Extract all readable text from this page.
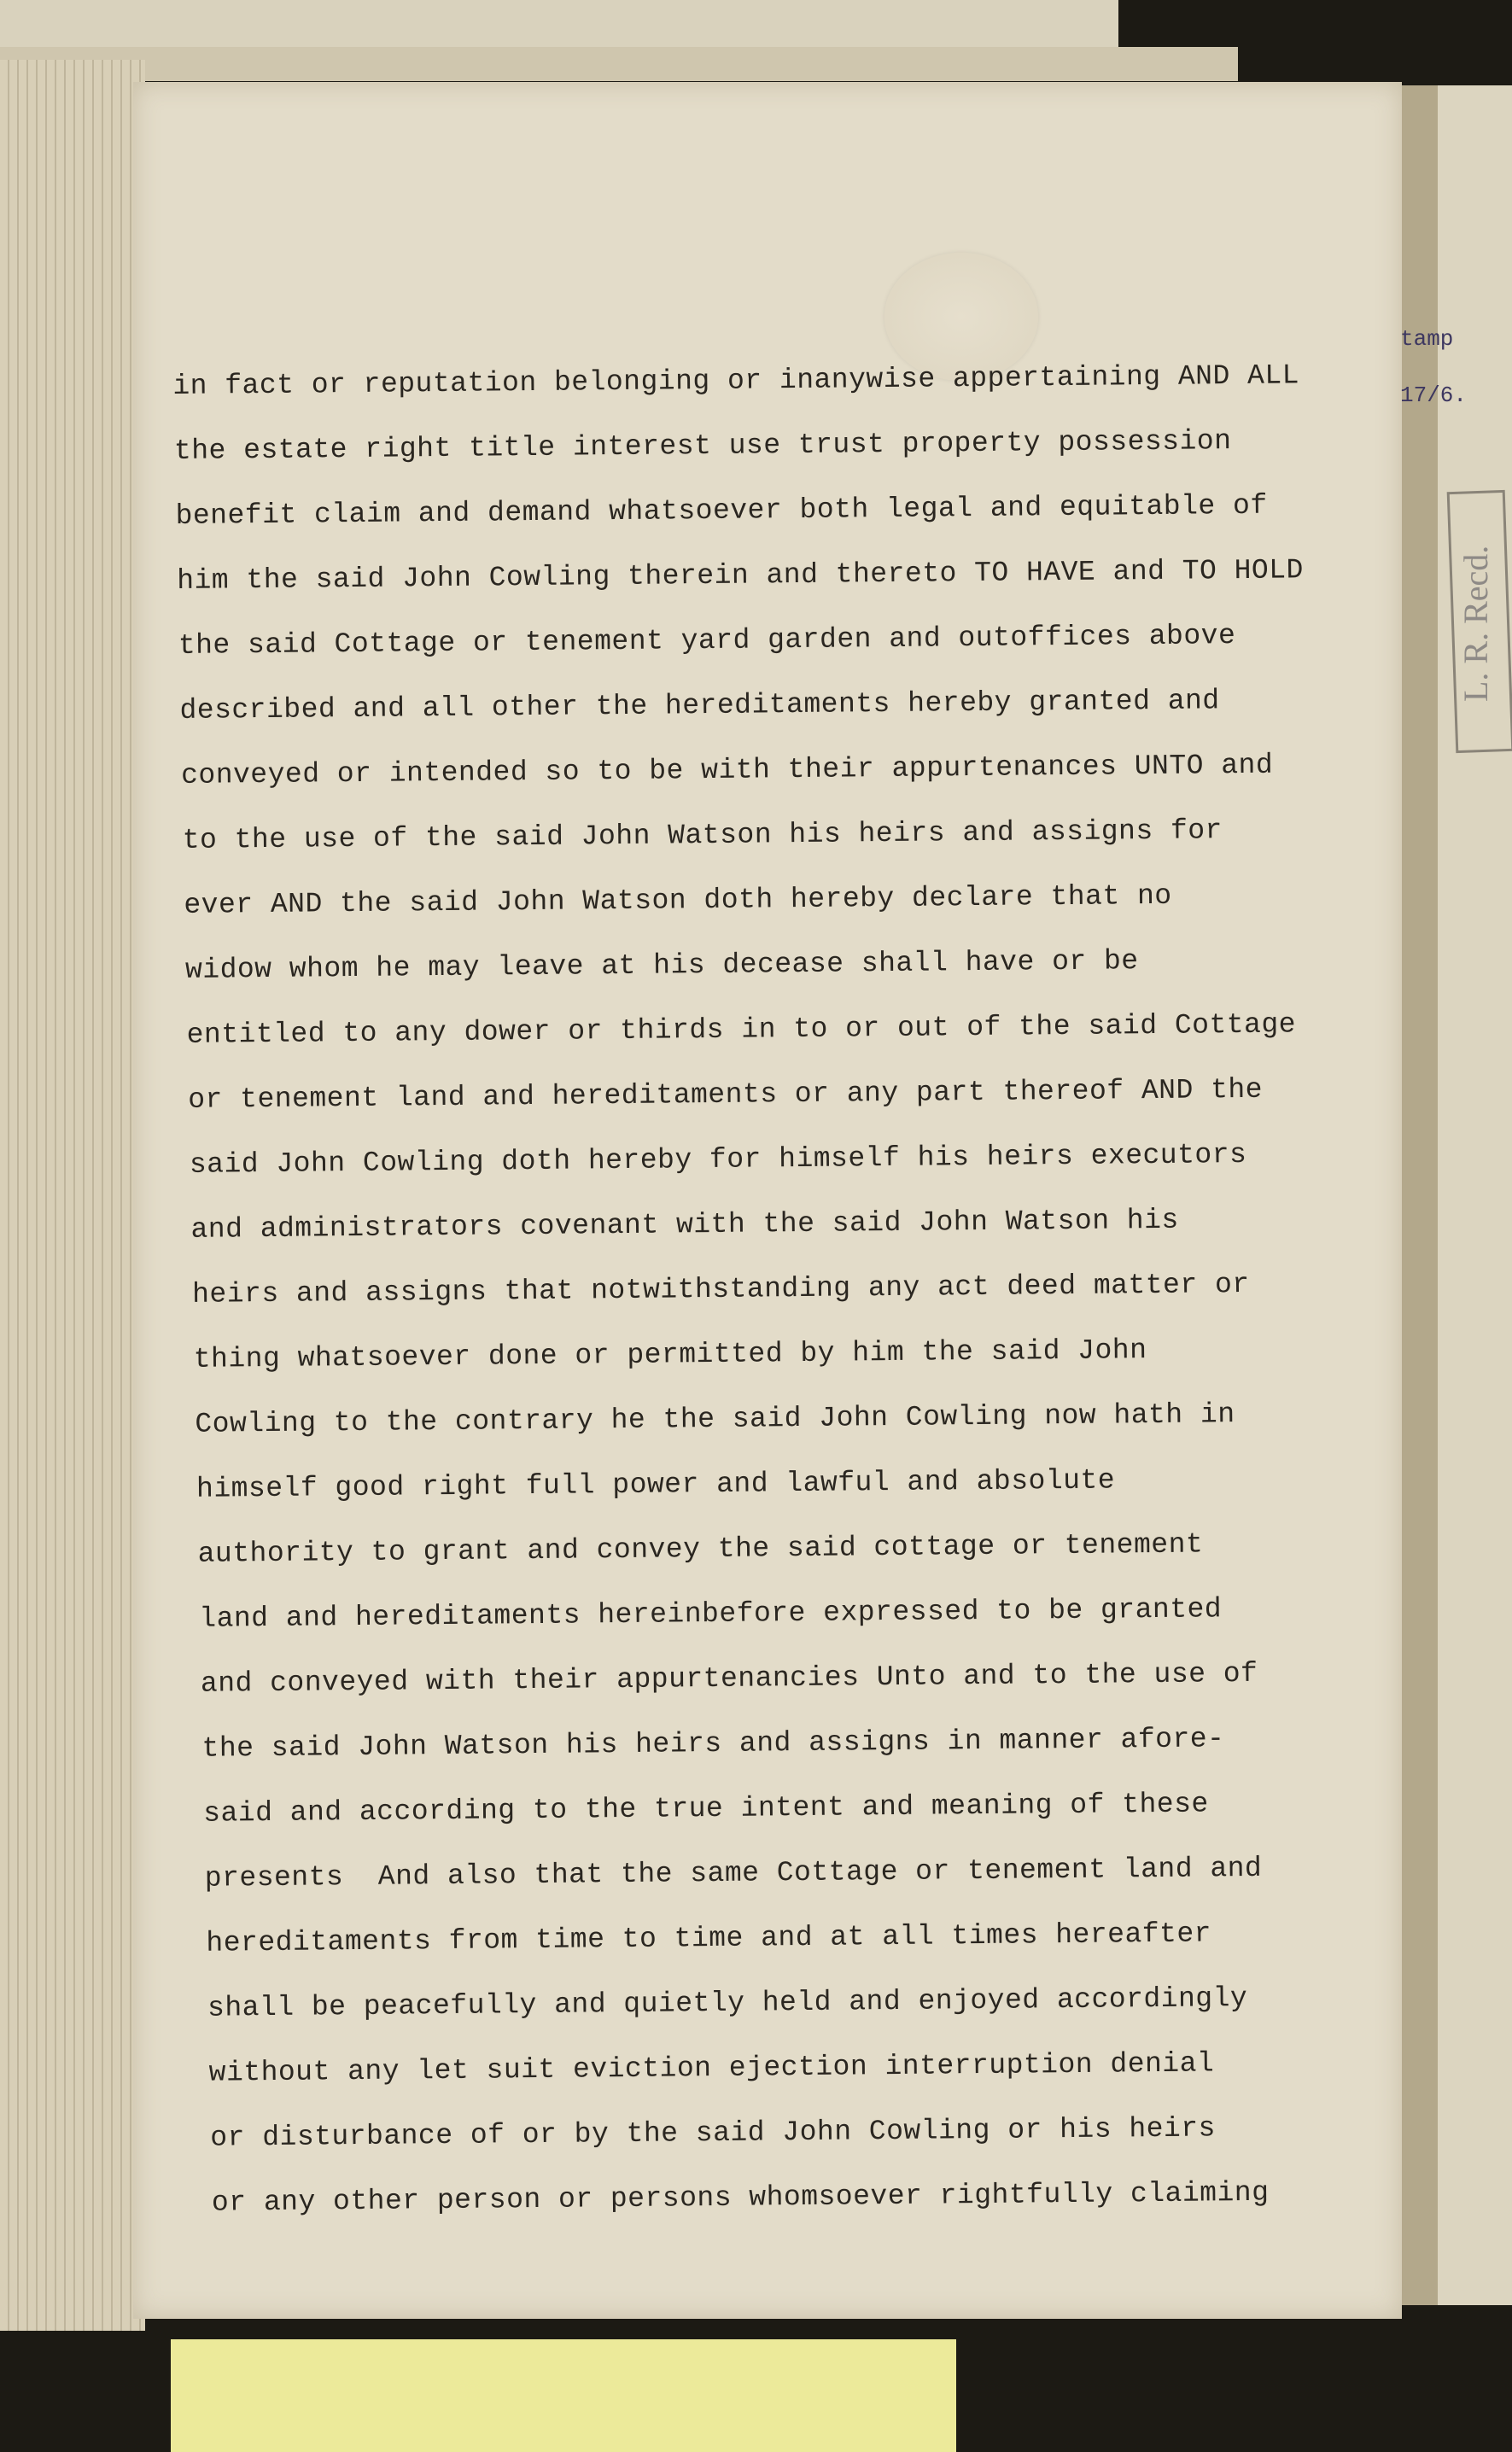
in fact or reputation belonging or inanywise appertaining AND ALL
the estate right title interest use trust property possession
benefit claim and demand whatsoever both legal and equitable of
him the said John Cowling therein and thereto TO HAVE and TO HOLD
the said Cottage or tenement yard garden and outoffices above
described and all other the hereditaments hereby granted and
conveyed or intended so to be with their appurtenances UNTO and
to the use of the said John Watson his heirs and assigns for
ever AND the said John Watson doth hereby declare that no
widow whom he may leave at his decease shall have or be
entitled to any dower or thirds in to or out of the said Cottage
or tenement land and hereditaments or any part thereof AND the
said John Cowling doth hereby for himself his heirs executors
and administrators covenant with the said John Watson his
heirs and assigns that notwithstanding any act deed matter or
thing whatsoever done or permitted by him the said John
Cowling to the contrary he the said John Cowling now hath in
himself good right full power and lawful and absolute
authority to grant and convey the said cottage or tenement
land and hereditaments hereinbefore expressed to be granted
and conveyed with their appurtenancies Unto and to the use of
the said John Watson his heirs and assigns in manner afore-
said and according to the true intent and meaning of these
presents  And also that the same Cottage or tenement land and
hereditaments from time to time and at all times hereafter
shall be peacefully and quietly held and enjoyed accordingly
without any let suit eviction ejection interruption denial
or disturbance of or by the said John Cowling or his heirs
or any other person or persons whomsoever rightfully claiming
tamp
17/6.
L. R. Recd.
